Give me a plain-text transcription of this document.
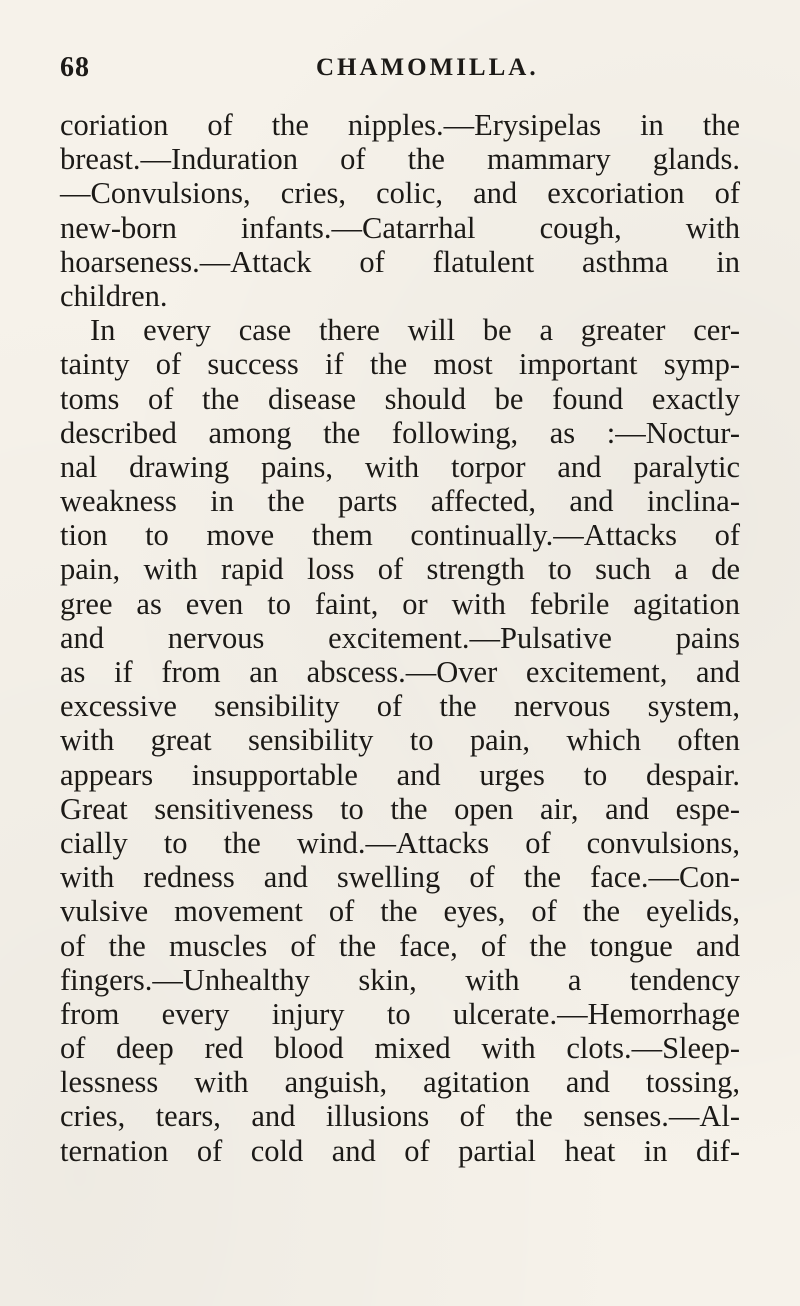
68	CHAMOMILLA.
coriation of the nipples.—Erysipelas in the
breast.—Induration of the mammary glands.
—Convulsions, cries, colic, and excoriation of
new-born infants.—Catarrhal cough, with
hoarseness.—Attack of flatulent asthma in
children.
In every case there will be a greater cer-
tainty of success if the most important symp-
toms of the disease should be found exactly
described among the following, as :—Noctur-
nal drawing pains, with torpor and paralytic
weakness in the parts affected, and inclina-
tion to move them continually.—Attacks of
pain, with rapid loss of strength to such a de
gree as even to faint, or with febrile agitation
and nervous excitement.—Pulsative pains
as if from an abscess.—Over excitement, and
excessive sensibility of the nervous system,
with great sensibility to pain, which often
appears insupportable and urges to despair.
Great sensitiveness to the open air, and espe-
cially to the wind.—Attacks of convulsions,
with redness and swelling of the face.—Con-
vulsive movement of the eyes, of the eyelids,
of the muscles of the face, of the tongue and
fingers.—Unhealthy skin, with a tendency
from every injury to ulcerate.—Hemorrhage
of deep red blood mixed with clots.—Sleep-
lessness with anguish, agitation and tossing,
cries, tears, and illusions of the senses.—Al-
ternation of cold and of partial heat in dif-
